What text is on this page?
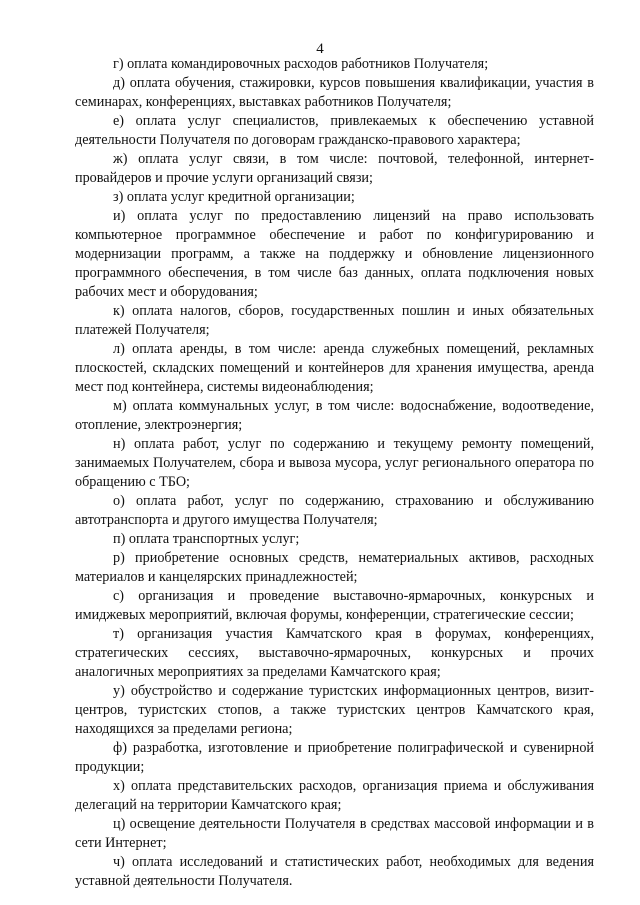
4

г) оплата командировочных расходов работников Получателя;

д) оплата обучения, стажировки, курсов повышения квалификации, участия в семинарах, конференциях, выставках работников Получателя;

е) оплата услуг специалистов, привлекаемых к обеспечению уставной деятельности Получателя по договорам гражданско-правового характера;

ж) оплата услуг связи, в том числе: почтовой, телефонной, интернет-провайдеров и прочие услуги организаций связи;

з) оплата услуг кредитной организации;

и) оплата услуг по предоставлению лицензий на право использовать компьютерное программное обеспечение и работ по конфигурированию и модернизации программ, а также на поддержку и обновление лицензионного программного обеспечения, в том числе баз данных, оплата подключения новых рабочих мест и оборудования;

к) оплата налогов, сборов, государственных пошлин и иных обязательных платежей Получателя;

л) оплата аренды, в том числе: аренда служебных помещений, рекламных плоскостей, складских помещений и контейнеров для хранения имущества, аренда мест под контейнера, системы видеонаблюдения;

м) оплата коммунальных услуг, в том числе: водоснабжение, водоотведение, отопление, электроэнергия;

н) оплата работ, услуг по содержанию и текущему ремонту помещений, занимаемых Получателем, сбора и вывоза мусора, услуг регионального оператора по обращению с ТБО;

о) оплата работ, услуг по содержанию, страхованию и обслуживанию автотранспорта и другого имущества Получателя;

п) оплата транспортных услуг;

р) приобретение основных средств, нематериальных активов, расходных материалов и канцелярских принадлежностей;

с) организация и проведение выставочно-ярмарочных, конкурсных и имиджевых мероприятий, включая форумы, конференции, стратегические сессии;

т) организация участия Камчатского края в форумах, конференциях, стратегических сессиях, выставочно-ярмарочных, конкурсных и прочих аналогичных мероприятиях за пределами Камчатского края;

у) обустройство и содержание туристских информационных центров, визит-центров, туристских стопов, а также туристских центров Камчатского края, находящихся за пределами региона;

ф) разработка, изготовление и приобретение полиграфической и сувенирной продукции;

х) оплата представительских расходов, организация приема и обслуживания делегаций на территории Камчатского края;

ц) освещение деятельности Получателя в средствах массовой информации и в сети Интернет;

ч) оплата исследований и статистических работ, необходимых для ведения уставной деятельности Получателя.
